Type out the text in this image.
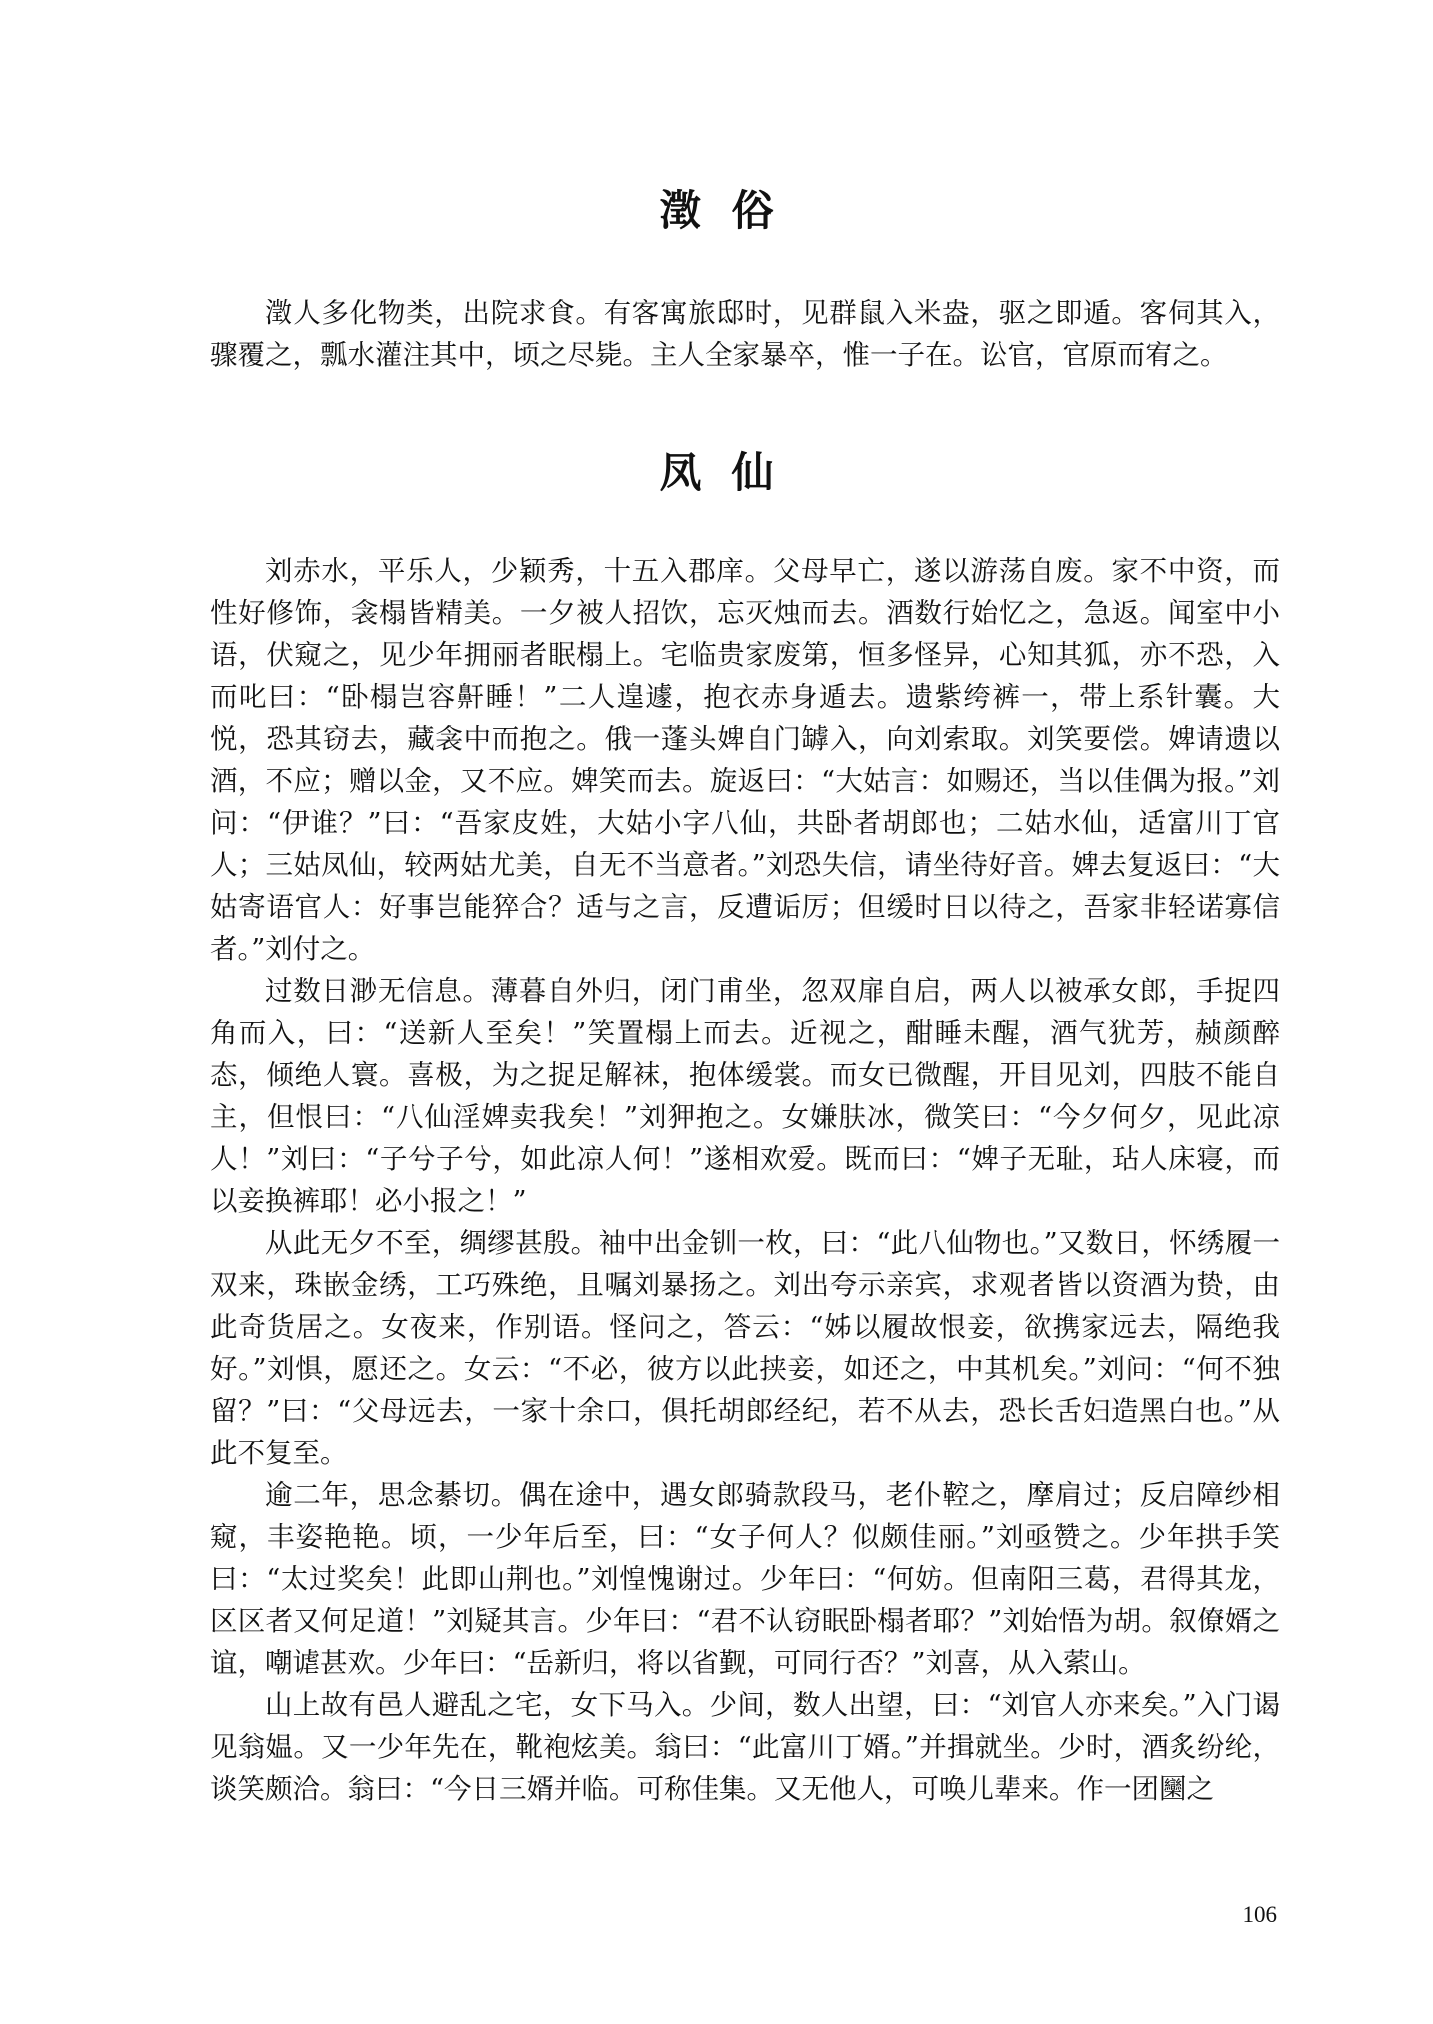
澂俗

澂人多化物类，出院求食。有客寓旅邸时，见群鼠入米盎，驱之即遁。客伺其入，骤覆之，瓢水灌注其中，顷之尽毙。主人全家暴卒，惟一子在。讼官，官原而宥之。

凤仙

刘赤水，平乐人，少颖秀，十五入郡庠。父母早亡，遂以游荡自废。家不中资，而性好修饰，衾榻皆精美。一夕被人招饮，忘灭烛而去。酒数行始忆之，急返。闻室中小语，伏窥之，见少年拥丽者眠榻上。宅临贵家废第，恒多怪异，心知其狐，亦不恐，入而叱曰：“卧榻岂容鼾睡！”二人遑遽，抱衣赤身遁去。遗紫绔裤一，带上系针囊。大悦，恐其窃去，藏衾中而抱之。俄一蓬头婢自门罅入，向刘索取。刘笑要偿。婢请遗以酒，不应；赠以金，又不应。婢笑而去。旋返曰：“大姑言：如赐还，当以佳偶为报。”刘问：“伊谁？”曰：“吾家皮姓，大姑小字八仙，共卧者胡郎也；二姑水仙，适富川丁官人；三姑凤仙，较两姑尤美，自无不当意者。”刘恐失信，请坐待好音。婢去复返曰：“大姑寄语官人：好事岂能猝合？适与之言，反遭诟厉；但缓时日以待之，吾家非轻诺寡信者。”刘付之。

过数日渺无信息。薄暮自外归，闭门甫坐，忽双扉自启，两人以被承女郎，手捉四角而入，曰：“送新人至矣！”笑置榻上而去。近视之，酣睡未醒，酒气犹芳，赪颜醉态，倾绝人寰。喜极，为之捉足解袜，抱体缓裳。而女已微醒，开目见刘，四肢不能自主，但恨曰：“八仙淫婢卖我矣！”刘狎抱之。女嫌肤冰，微笑曰：“今夕何夕，见此凉人！”刘曰：“子兮子兮，如此凉人何！”遂相欢爱。既而曰：“婢子无耻，玷人床寝，而以妾换裤耶！必小报之！”

从此无夕不至，绸缪甚殷。袖中出金钏一枚，曰：“此八仙物也。”又数日，怀绣履一双来，珠嵌金绣，工巧殊绝，且嘱刘暴扬之。刘出夸示亲宾，求观者皆以资酒为贽，由此奇货居之。女夜来，作别语。怪问之，答云：“姊以履故恨妾，欲携家远去，隔绝我好。”刘惧，愿还之。女云：“不必，彼方以此挟妾，如还之，中其机矣。”刘问：“何不独留？”曰：“父母远去，一家十余口，俱托胡郎经纪，若不从去，恐长舌妇造黑白也。”从此不复至。

逾二年，思念綦切。偶在途中，遇女郎骑款段马，老仆鞚之，摩肩过；反启障纱相窥，丰姿艳艳。顷，一少年后至，曰：“女子何人？似颇佳丽。”刘亟赞之。少年拱手笑曰：“太过奖矣！此即山荆也。”刘惶愧谢过。少年曰：“何妨。但南阳三葛，君得其龙，区区者又何足道！”刘疑其言。少年曰：“君不认窃眠卧榻者耶？”刘始悟为胡。叙僚婿之谊，嘲谑甚欢。少年曰：“岳新归，将以省觐，可同行否？”刘喜，从入萦山。

山上故有邑人避乱之宅，女下马入。少间，数人出望，曰：“刘官人亦来矣。”入门谒见翁媪。又一少年先在，靴袍炫美。翁曰：“此富川丁婿。”并揖就坐。少时，酒炙纷纶，谈笑颇洽。翁曰：“今日三婿并临。可称佳集。又无他人，可唤儿辈来。作一团圞之

106
